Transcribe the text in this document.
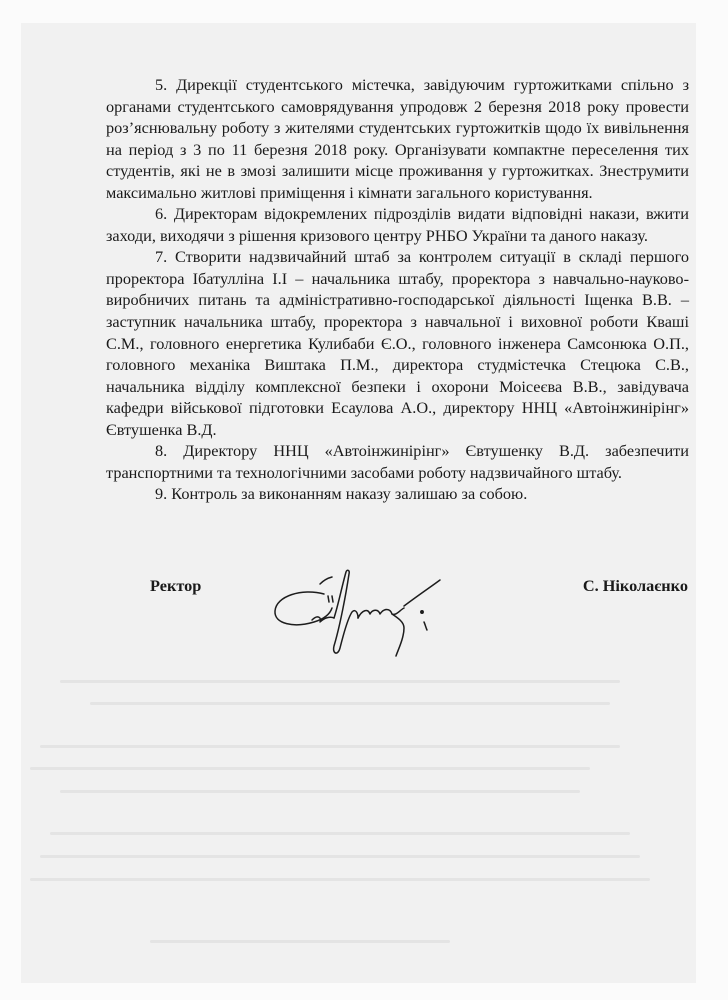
5. Дирекції студентського містечка, завідуючим гуртожитками спільно з органами студентського самоврядування упродовж 2 березня 2018 року провести роз’яснювальну роботу з жителями студентських гуртожитків щодо їх вивільнення на період з 3 по 11 березня 2018 року. Організувати компактне переселення тих студентів, які не в змозі залишити місце проживання у гуртожитках. Знеструмити максимально житлові приміщення і кімнати загального користування.

6. Директорам відокремлених підрозділів видати відповідні накази, вжити заходи, виходячи з рішення кризового центру РНБО України та даного наказу.

7. Створити надзвичайний штаб за контролем ситуації в складі першого проректора Ібатулліна І.І – начальника штабу, проректора з навчально-науково-виробничих питань та адміністративно-господарської діяльності Іщенка В.В. – заступник начальника штабу, проректора з навчальної і виховної роботи Кваші С.М., головного енергетика Кулибаби Є.О., головного інженера Самсонюка О.П., головного механіка Виштака П.М., директора студмістечка Стецюка С.В., начальника відділу комплексної безпеки і охорони Моісеєва В.В., завідувача кафедри військової підготовки Есаулова А.О., директору ННЦ «Автоінжинірінг» Євтушенка В.Д.

8. Директору ННЦ «Автоінжинірінг» Євтушенку В.Д. забезпечити транспортними та технологічними засобами роботу надзвичайного штабу.

9. Контроль за виконанням наказу залишаю за собою.

Ректор	С. Ніколаєнко
